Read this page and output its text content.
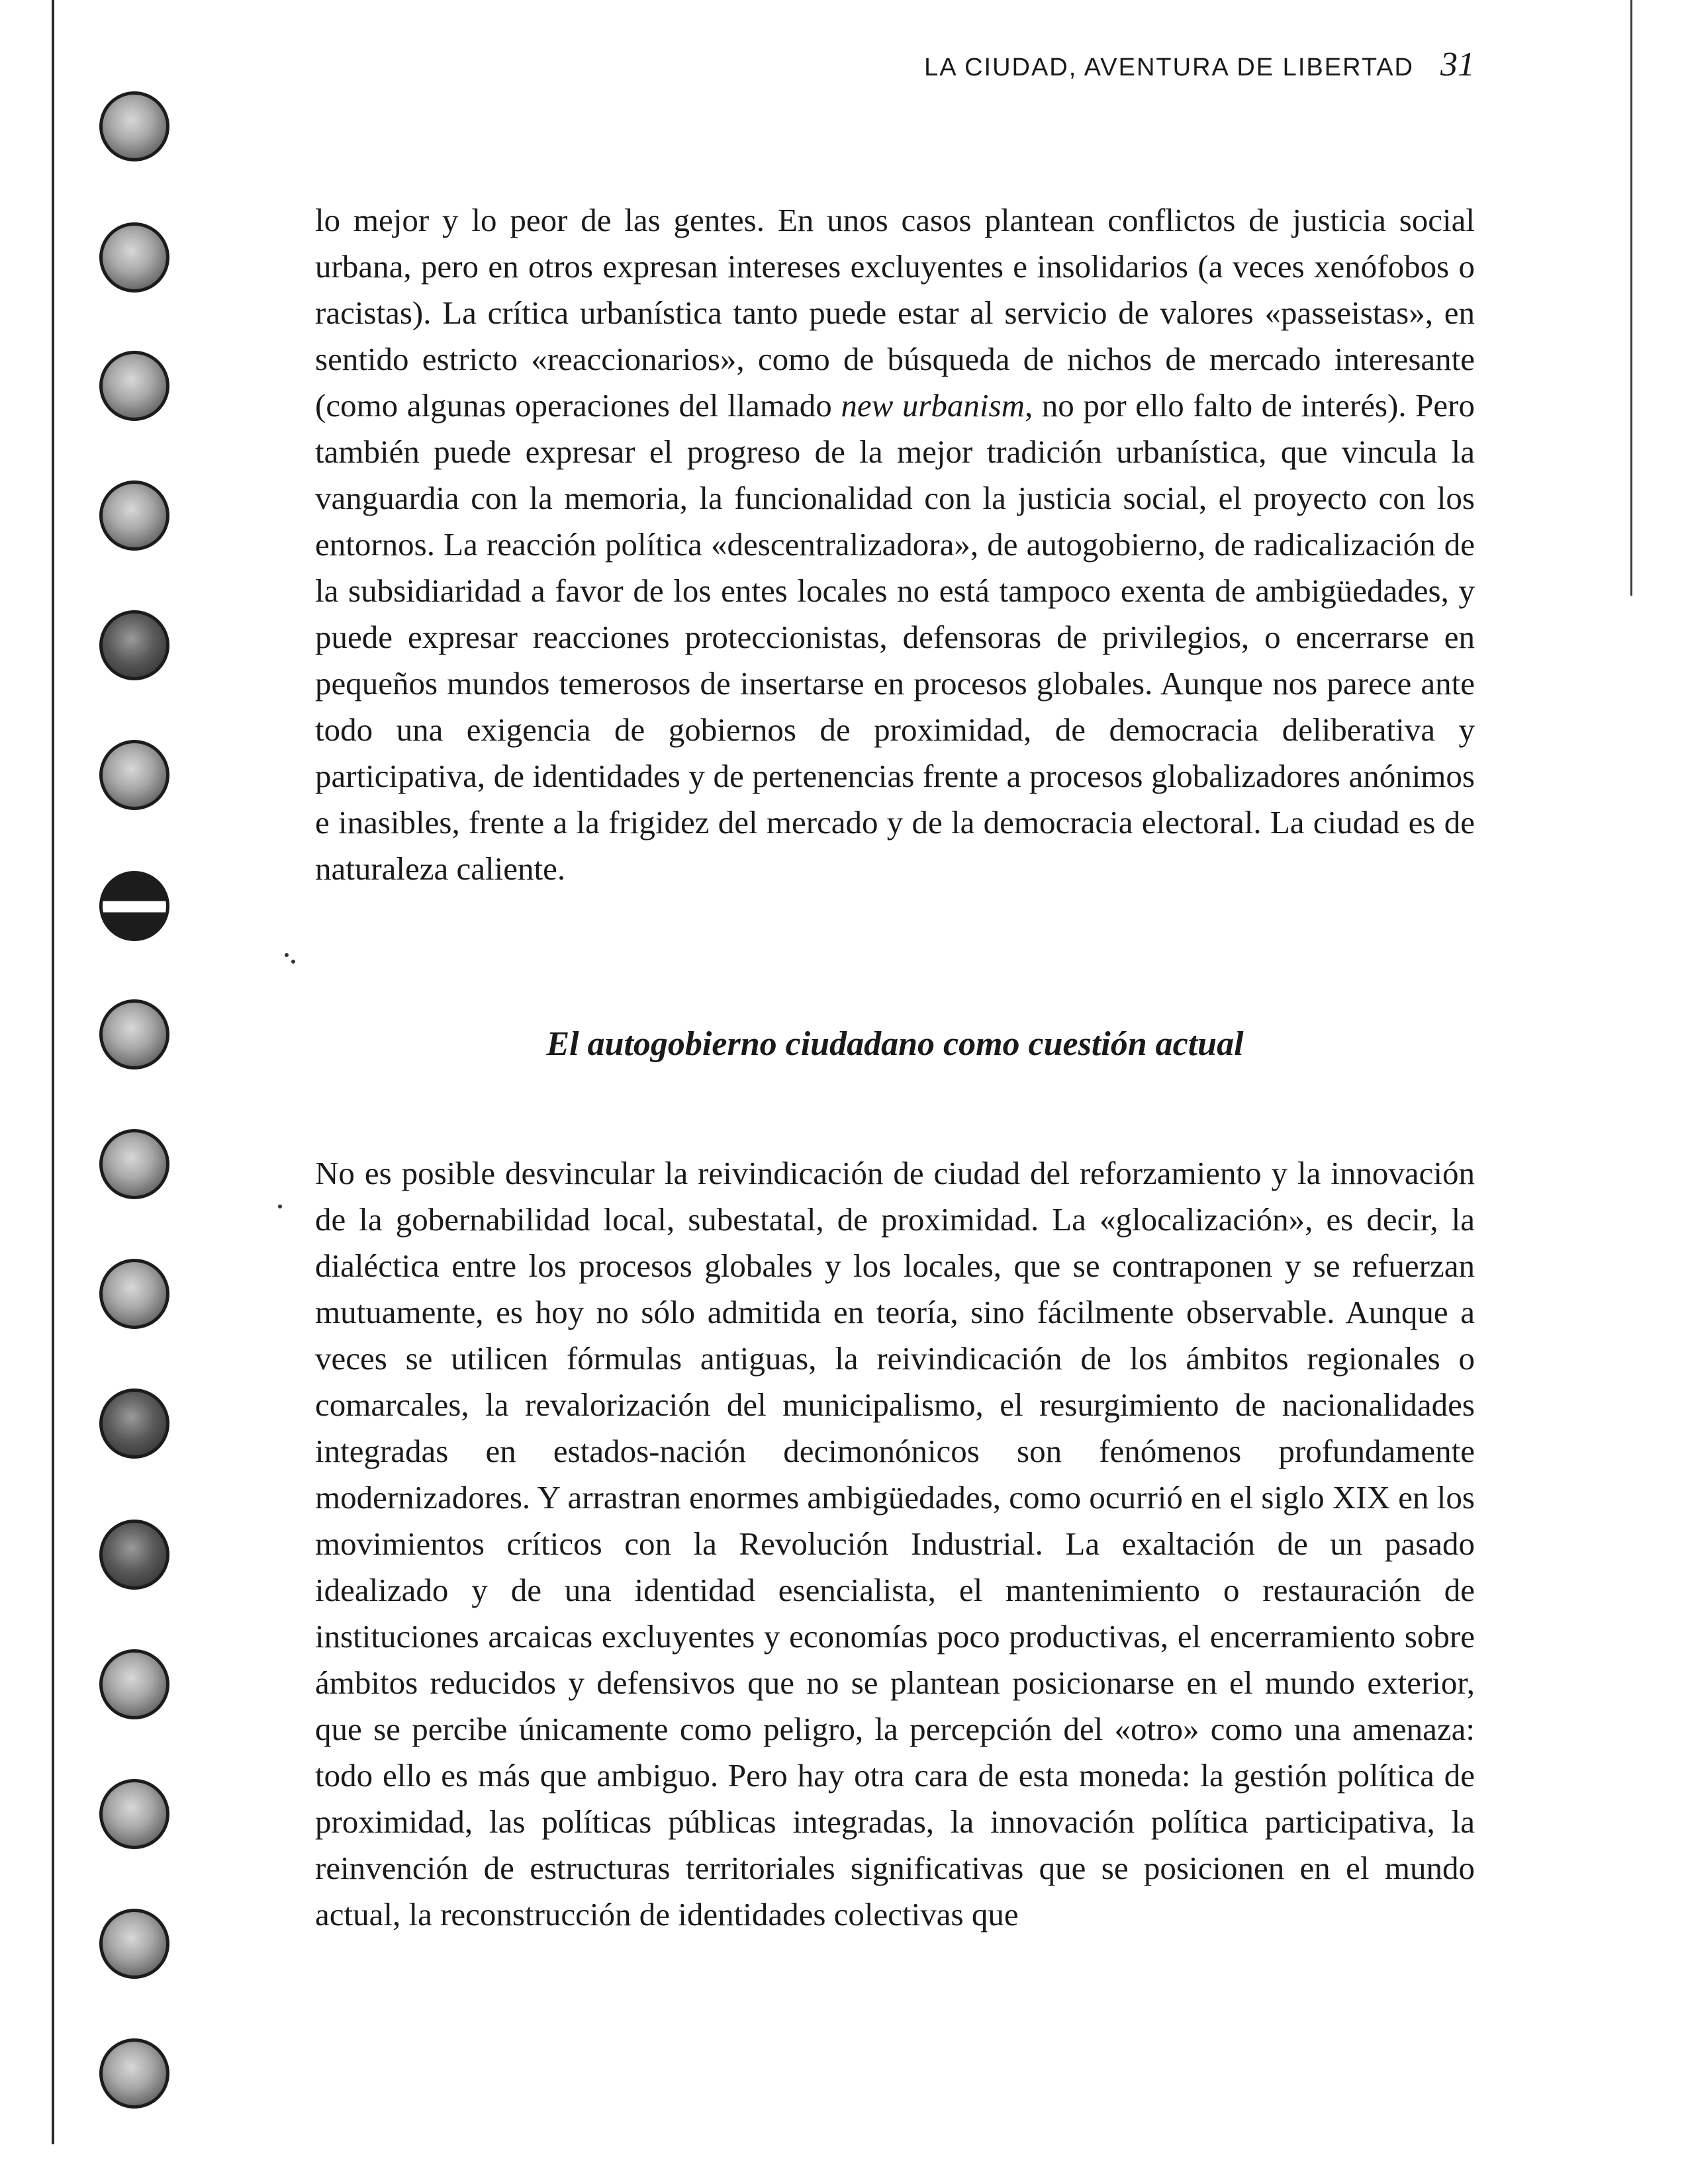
LA CIUDAD, AVENTURA DE LIBERTAD 31

lo mejor y lo peor de las gentes. En unos casos plantean conflictos de justicia social urbana, pero en otros expresan intereses excluyentes e insolidarios (a veces xenófobos o racistas). La crítica urbanística tanto puede estar al servicio de valores «passeistas», en sentido estricto «reaccionarios», como de búsqueda de nichos de mercado interesante (como algunas operaciones del llamado new urbanism, no por ello falto de interés). Pero también puede expresar el progreso de la mejor tradición urbanística, que vincula la vanguardia con la memoria, la funcionalidad con la justicia social, el proyecto con los entornos. La reacción política «descentralizadora», de autogobierno, de radicalización de la subsidiaridad a favor de los entes locales no está tampoco exenta de ambigüedades, y puede expresar reacciones proteccionistas, defensoras de privilegios, o encerrarse en pequeños mundos temerosos de insertarse en procesos globales. Aunque nos parece ante todo una exigencia de gobiernos de proximidad, de democracia deliberativa y participativa, de identidades y de pertenencias frente a procesos globalizadores anónimos e inasibles, frente a la frigidez del mercado y de la democracia electoral. La ciudad es de naturaleza caliente.

El autogobierno ciudadano como cuestión actual

No es posible desvincular la reivindicación de ciudad del reforzamiento y la innovación de la gobernabilidad local, subestatal, de proximidad. La «glocalización», es decir, la dialéctica entre los procesos globales y los locales, que se contraponen y se refuerzan mutuamente, es hoy no sólo admitida en teoría, sino fácilmente observable. Aunque a veces se utilicen fórmulas antiguas, la reivindicación de los ámbitos regionales o comarcales, la revalorización del municipalismo, el resurgimiento de nacionalidades integradas en estados-nación decimonónicos son fenómenos profundamente modernizadores. Y arrastran enormes ambigüedades, como ocurrió en el siglo XIX en los movimientos críticos con la Revolución Industrial. La exaltación de un pasado idealizado y de una identidad esencialista, el mantenimiento o restauración de instituciones arcaicas excluyentes y economías poco productivas, el encerramiento sobre ámbitos reducidos y defensivos que no se plantean posicionarse en el mundo exterior, que se percibe únicamente como peligro, la percepción del «otro» como una amenaza: todo ello es más que ambiguo. Pero hay otra cara de esta moneda: la gestión política de proximidad, las políticas públicas integradas, la innovación política participativa, la reinvención de estructuras territoriales significativas que se posicionen en el mundo actual, la reconstrucción de identidades colectivas que
